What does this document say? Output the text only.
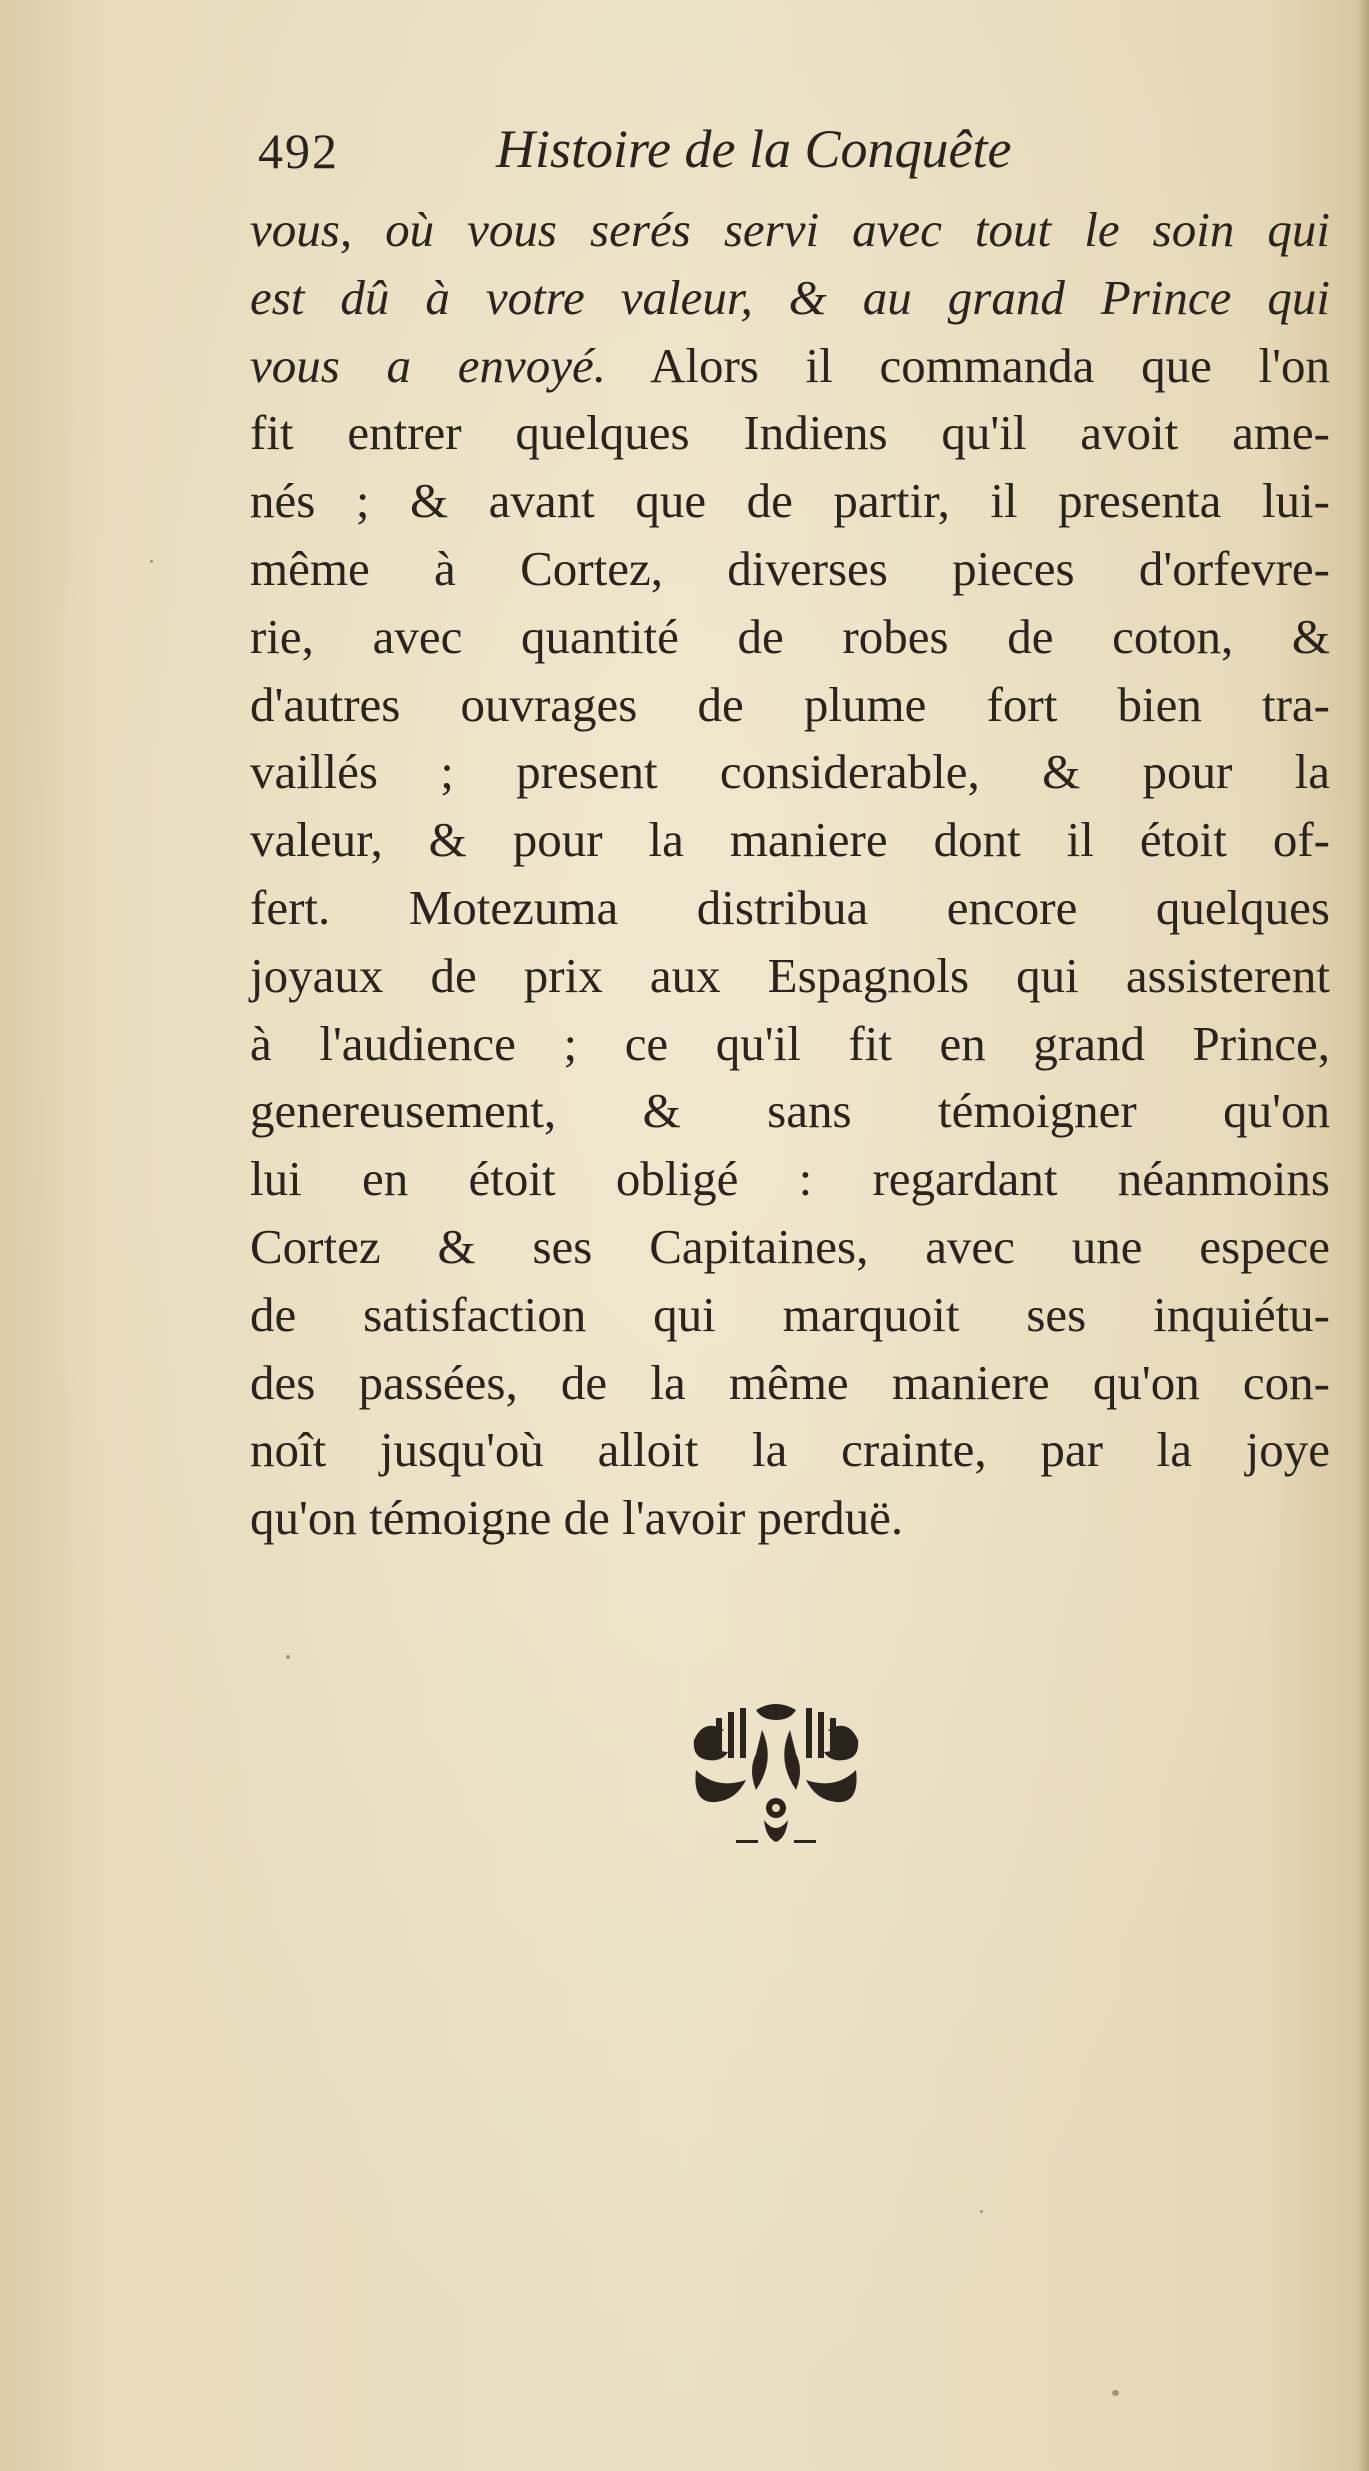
492	Histoire de la Conquête
vous, où vous serés servi avec tout le soin qui
est dû à votre valeur, & au grand Prince qui
vous a envoyé. Alors il commanda que l'on
fit entrer quelques Indiens qu'il avoit ame-
nés ; & avant que de partir, il presenta lui-
même à Cortez, diverses pieces d'orfevre-
rie, avec quantité de robes de coton, &
d'autres ouvrages de plume fort bien tra-
vaillés ; present considerable, & pour la
valeur, & pour la maniere dont il étoit of-
fert. Motezuma distribua encore quelques
joyaux de prix aux Espagnols qui assisterent
à l'audience ; ce qu'il fit en grand Prince,
genereusement, & sans témoigner qu'on
lui en étoit obligé : regardant néanmoins
Cortez & ses Capitaines, avec une espece
de satisfaction qui marquoit ses inquiétu-
des passées, de la même maniere qu'on con-
noît jusqu'où alloit la crainte, par la joye
qu'on témoigne de l'avoir perduë.
